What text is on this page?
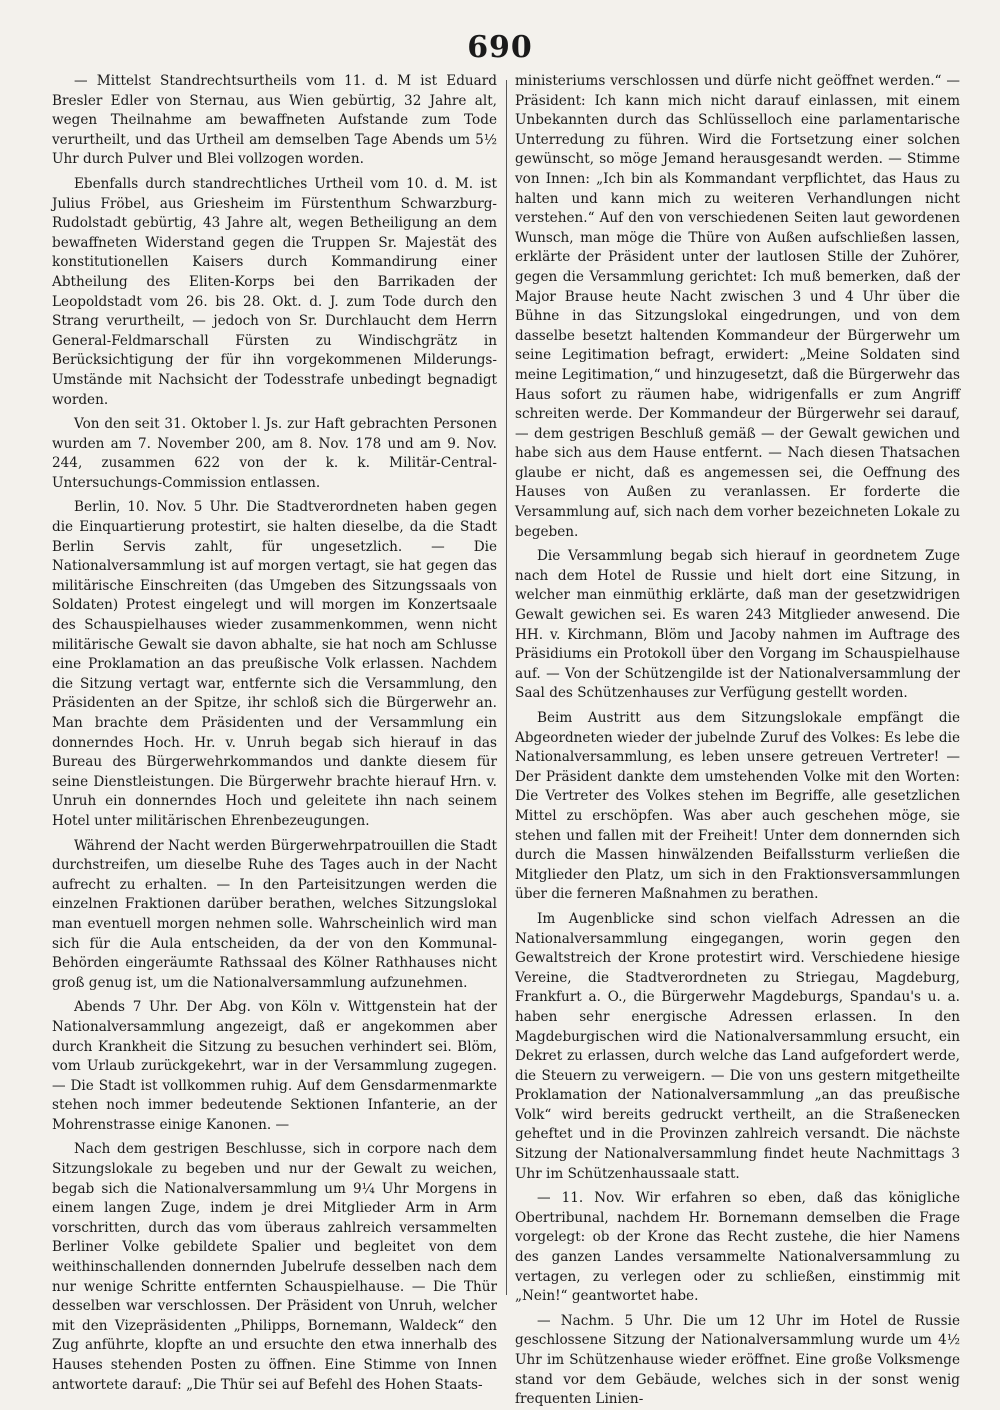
690

— Mittelst Standrechtsurtheils vom 11. d. M ist Eduard Bresler Edler von Sternau, aus Wien gebürtig, 32 Jahre alt, wegen Theilnahme am bewaffneten Aufstande zum Tode verurtheilt, und das Urtheil am demselben Tage Abends um 5½ Uhr durch Pulver und Blei vollzogen worden.

Ebenfalls durch standrechtliches Urtheil vom 10. d. M. ist Julius Fröbel, aus Griesheim im Fürstenthum Schwarzburg-Rudolstadt gebürtig, 43 Jahre alt, wegen Betheiligung an dem bewaffneten Widerstand gegen die Truppen Sr. Majestät des konstitutionellen Kaisers durch Kommandirung einer Abtheilung des Eliten-Korps bei den Barrikaden der Leopoldstadt vom 26. bis 28. Okt. d. J. zum Tode durch den Strang verurtheilt, — jedoch von Sr. Durchlaucht dem Herrn General-Feldmarschall Fürsten zu Windischgrätz in Berücksichtigung der für ihn vorgekommenen Milderungs-Umstände mit Nachsicht der Todesstrafe unbedingt begnadigt worden.

Von den seit 31. Oktober l. Js. zur Haft gebrachten Personen wurden am 7. November 200, am 8. Nov. 178 und am 9. Nov. 244, zusammen 622 von der k. k. Militär-Central-Untersuchungs-Commission entlassen.

Berlin, 10. Nov. 5 Uhr. Die Stadtverordneten haben gegen die Einquartierung protestirt, sie halten dieselbe, da die Stadt Berlin Servis zahlt, für ungesetzlich. — Die Nationalversammlung ist auf morgen vertagt, sie hat gegen das militärische Einschreiten (das Umgeben des Sitzungssaals von Soldaten) Protest eingelegt und will morgen im Konzertsaale des Schauspielhauses wieder zusammenkommen, wenn nicht militärische Gewalt sie davon abhalte, sie hat noch am Schlusse eine Proklamation an das preußische Volk erlassen. Nachdem die Sitzung vertagt war, entfernte sich die Versammlung, den Präsidenten an der Spitze, ihr schloß sich die Bürgerwehr an. Man brachte dem Präsidenten und der Versammlung ein donnerndes Hoch. Hr. v. Unruh begab sich hierauf in das Bureau des Bürgerwehrkommandos und dankte diesem für seine Dienstleistungen. Die Bürgerwehr brachte hierauf Hrn. v. Unruh ein donnerndes Hoch und geleitete ihn nach seinem Hotel unter militärischen Ehrenbezeugungen.

Während der Nacht werden Bürgerwehrpatrouillen die Stadt durchstreifen, um dieselbe Ruhe des Tages auch in der Nacht aufrecht zu erhalten. — In den Parteisitzungen werden die einzelnen Fraktionen darüber berathen, welches Sitzungslokal man eventuell morgen nehmen solle. Wahrscheinlich wird man sich für die Aula entscheiden, da der von den Kommunal-Behörden eingeräumte Rathssaal des Kölner Rathhauses nicht groß genug ist, um die Nationalversammlung aufzunehmen.

Abends 7 Uhr. Der Abg. von Köln v. Wittgenstein hat der Nationalversammlung angezeigt, daß er angekommen aber durch Krankheit die Sitzung zu besuchen verhindert sei. Blöm, vom Urlaub zurückgekehrt, war in der Versammlung zugegen. — Die Stadt ist vollkommen ruhig. Auf dem Gensdarmenmarkte stehen noch immer bedeutende Sektionen Infanterie, an der Mohrenstrasse einige Kanonen. —

Nach dem gestrigen Beschlusse, sich in corpore nach dem Sitzungslokale zu begeben und nur der Gewalt zu weichen, begab sich die Nationalversammlung um 9¼ Uhr Morgens in einem langen Zuge, indem je drei Mitglieder Arm in Arm vorschritten, durch das vom überaus zahlreich versammelten Berliner Volke gebildete Spalier und begleitet von dem weithinschallenden donnernden Jubelrufe desselben nach dem nur wenige Schritte entfernten Schauspielhause. — Die Thür desselben war verschlossen. Der Präsident von Unruh, welcher mit den Vizepräsidenten „Philipps, Bornemann, Waldeck“ den Zug anführte, klopfte an und ersuchte den etwa innerhalb des Hauses stehenden Posten zu öffnen. Eine Stimme von Innen antwortete darauf: „Die Thür sei auf Befehl des Hohen Staats-

ministeriums verschlossen und dürfe nicht geöffnet werden.“ — Präsident: Ich kann mich nicht darauf einlassen, mit einem Unbekannten durch das Schlüsselloch eine parlamentarische Unterredung zu führen. Wird die Fortsetzung einer solchen gewünscht, so möge Jemand herausgesandt werden. — Stimme von Innen: „Ich bin als Kommandant verpflichtet, das Haus zu halten und kann mich zu weiteren Verhandlungen nicht verstehen.“ Auf den von verschiedenen Seiten laut gewordenen Wunsch, man möge die Thüre von Außen aufschließen lassen, erklärte der Präsident unter der lautlosen Stille der Zuhörer, gegen die Versammlung gerichtet: Ich muß bemerken, daß der Major Brause heute Nacht zwischen 3 und 4 Uhr über die Bühne in das Sitzungslokal eingedrungen, und von dem dasselbe besetzt haltenden Kommandeur der Bürgerwehr um seine Legitimation befragt, erwidert: „Meine Soldaten sind meine Legitimation,“ und hinzugesetzt, daß die Bürgerwehr das Haus sofort zu räumen habe, widrigenfalls er zum Angriff schreiten werde. Der Kommandeur der Bürgerwehr sei darauf, — dem gestrigen Beschluß gemäß — der Gewalt gewichen und habe sich aus dem Hause entfernt. — Nach diesen Thatsachen glaube er nicht, daß es angemessen sei, die Oeffnung des Hauses von Außen zu veranlassen. Er forderte die Versammlung auf, sich nach dem vorher bezeichneten Lokale zu begeben.

Die Versammlung begab sich hierauf in geordnetem Zuge nach dem Hotel de Russie und hielt dort eine Sitzung, in welcher man einmüthig erklärte, daß man der gesetzwidrigen Gewalt gewichen sei. Es waren 243 Mitglieder anwesend. Die HH. v. Kirchmann, Blöm und Jacoby nahmen im Auftrage des Präsidiums ein Protokoll über den Vorgang im Schauspielhause auf. — Von der Schützengilde ist der Nationalversammlung der Saal des Schützenhauses zur Verfügung gestellt worden.

Beim Austritt aus dem Sitzungslokale empfängt die Abgeordneten wieder der jubelnde Zuruf des Volkes: Es lebe die Nationalversammlung, es leben unsere getreuen Vertreter! — Der Präsident dankte dem umstehenden Volke mit den Worten: Die Vertreter des Volkes stehen im Begriffe, alle gesetzlichen Mittel zu erschöpfen. Was aber auch geschehen möge, sie stehen und fallen mit der Freiheit! Unter dem donnernden sich durch die Massen hinwälzenden Beifallssturm verließen die Mitglieder den Platz, um sich in den Fraktionsversammlungen über die ferneren Maßnahmen zu berathen.

Im Augenblicke sind schon vielfach Adressen an die Nationalversammlung eingegangen, worin gegen den Gewaltstreich der Krone protestirt wird. Verschiedene hiesige Vereine, die Stadtverordneten zu Striegau, Magdeburg, Frankfurt a. O., die Bürgerwehr Magdeburgs, Spandau's u. a. haben sehr energische Adressen erlassen. In den Magdeburgischen wird die Nationalversammlung ersucht, ein Dekret zu erlassen, durch welche das Land aufgefordert werde, die Steuern zu verweigern. — Die von uns gestern mitgetheilte Proklamation der Nationalversammlung „an das preußische Volk“ wird bereits gedruckt vertheilt, an die Straßenecken geheftet und in die Provinzen zahlreich versandt. Die nächste Sitzung der Nationalversammlung findet heute Nachmittags 3 Uhr im Schützenhaussaale statt.

— 11. Nov. Wir erfahren so eben, daß das königliche Obertribunal, nachdem Hr. Bornemann demselben die Frage vorgelegt: ob der Krone das Recht zustehe, die hier Namens des ganzen Landes versammelte Nationalversammlung zu vertagen, zu verlegen oder zu schließen, einstimmig mit „Nein!“ geantwortet habe.

— Nachm. 5 Uhr. Die um 12 Uhr im Hotel de Russie geschlossene Sitzung der Nationalversammlung wurde um 4½ Uhr im Schützenhause wieder eröffnet. Eine große Volksmenge stand vor dem Gebäude, welches sich in der sonst wenig frequenten Linien-
